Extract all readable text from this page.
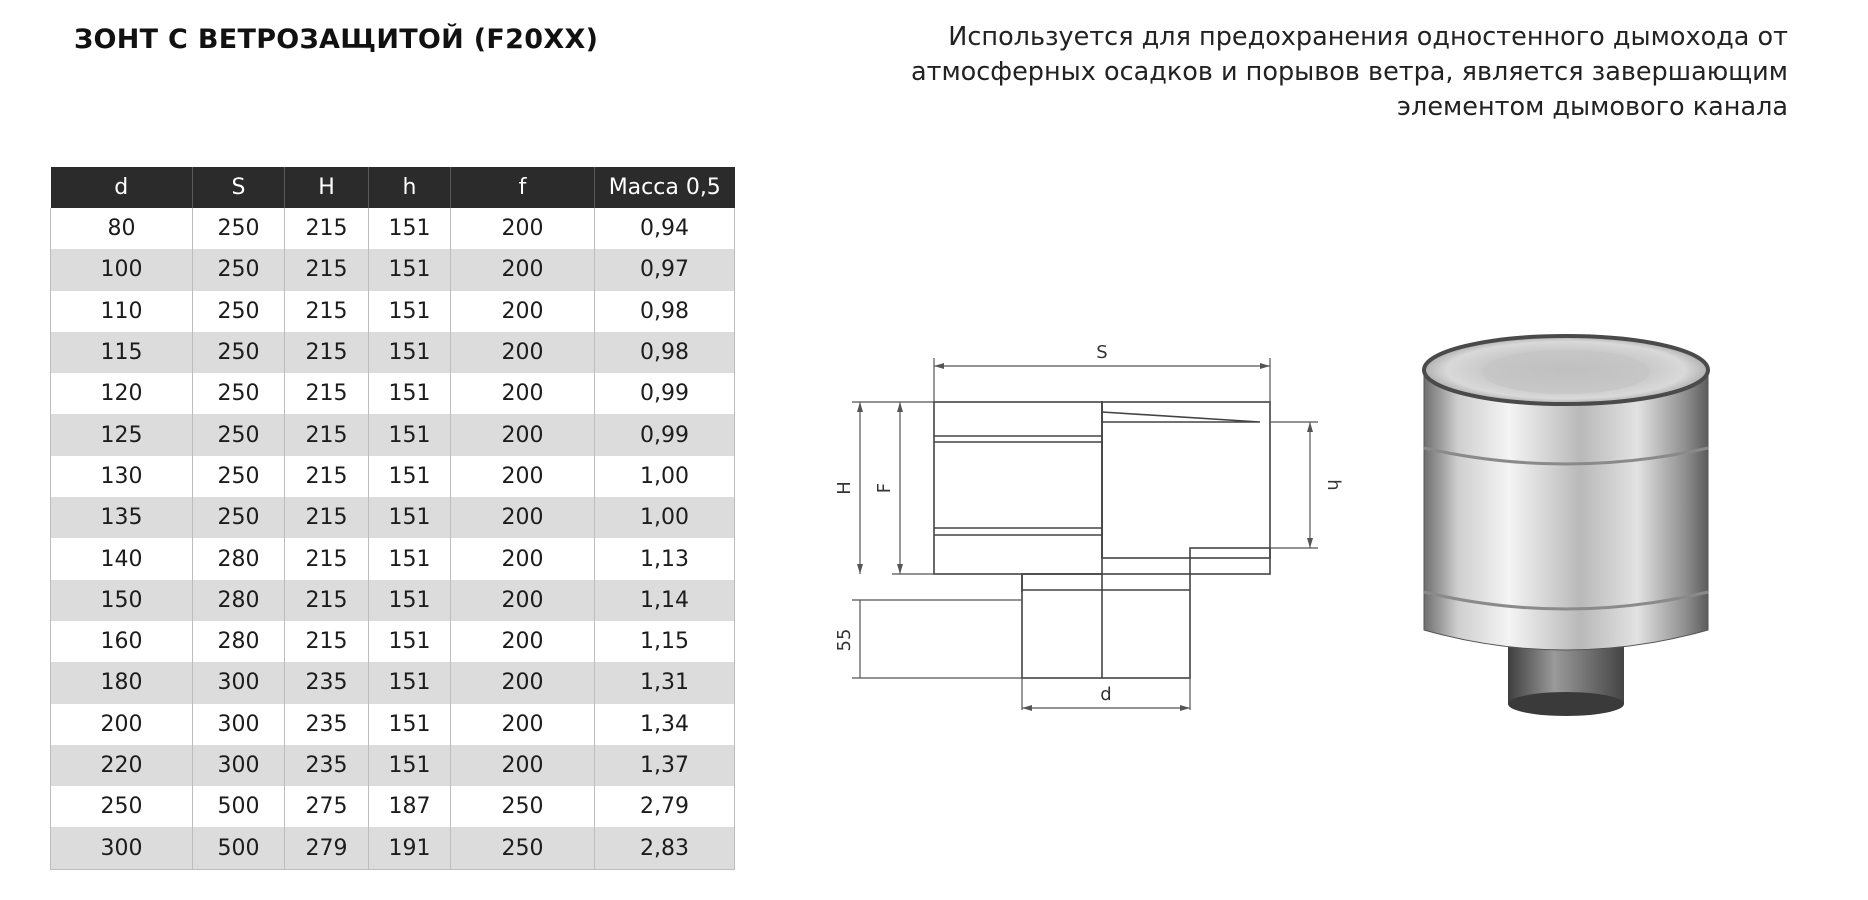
ЗОНТ С ВЕТРОЗАЩИТОЙ (F20XX)	Используется для предохранения одностенного дымохода от
атмосферных осадков и порывов ветра, является завершающим
элементом дымового канала
d	S	H	h	f	Масса 0,5
80	250	215	151	200	0,94
100	250	215	151	200	0,97
110	250	215	151	200	0,98
115	250	215	151	200	0,98
120	250	215	151	200	0,99
125	250	215	151	200	0,99
130	250	215	151	200	1,00
135	250	215	151	200	1,00
140	280	215	151	200	1,13
150	280	215	151	200	1,14
160	280	215	151	200	1,15
180	300	235	151	200	1,31
200	300	235	151	200	1,34
220	300	235	151	200	1,37
250	500	275	187	250	2,79
300	500	279	191	250	2,83
S
H F	h
55
d
